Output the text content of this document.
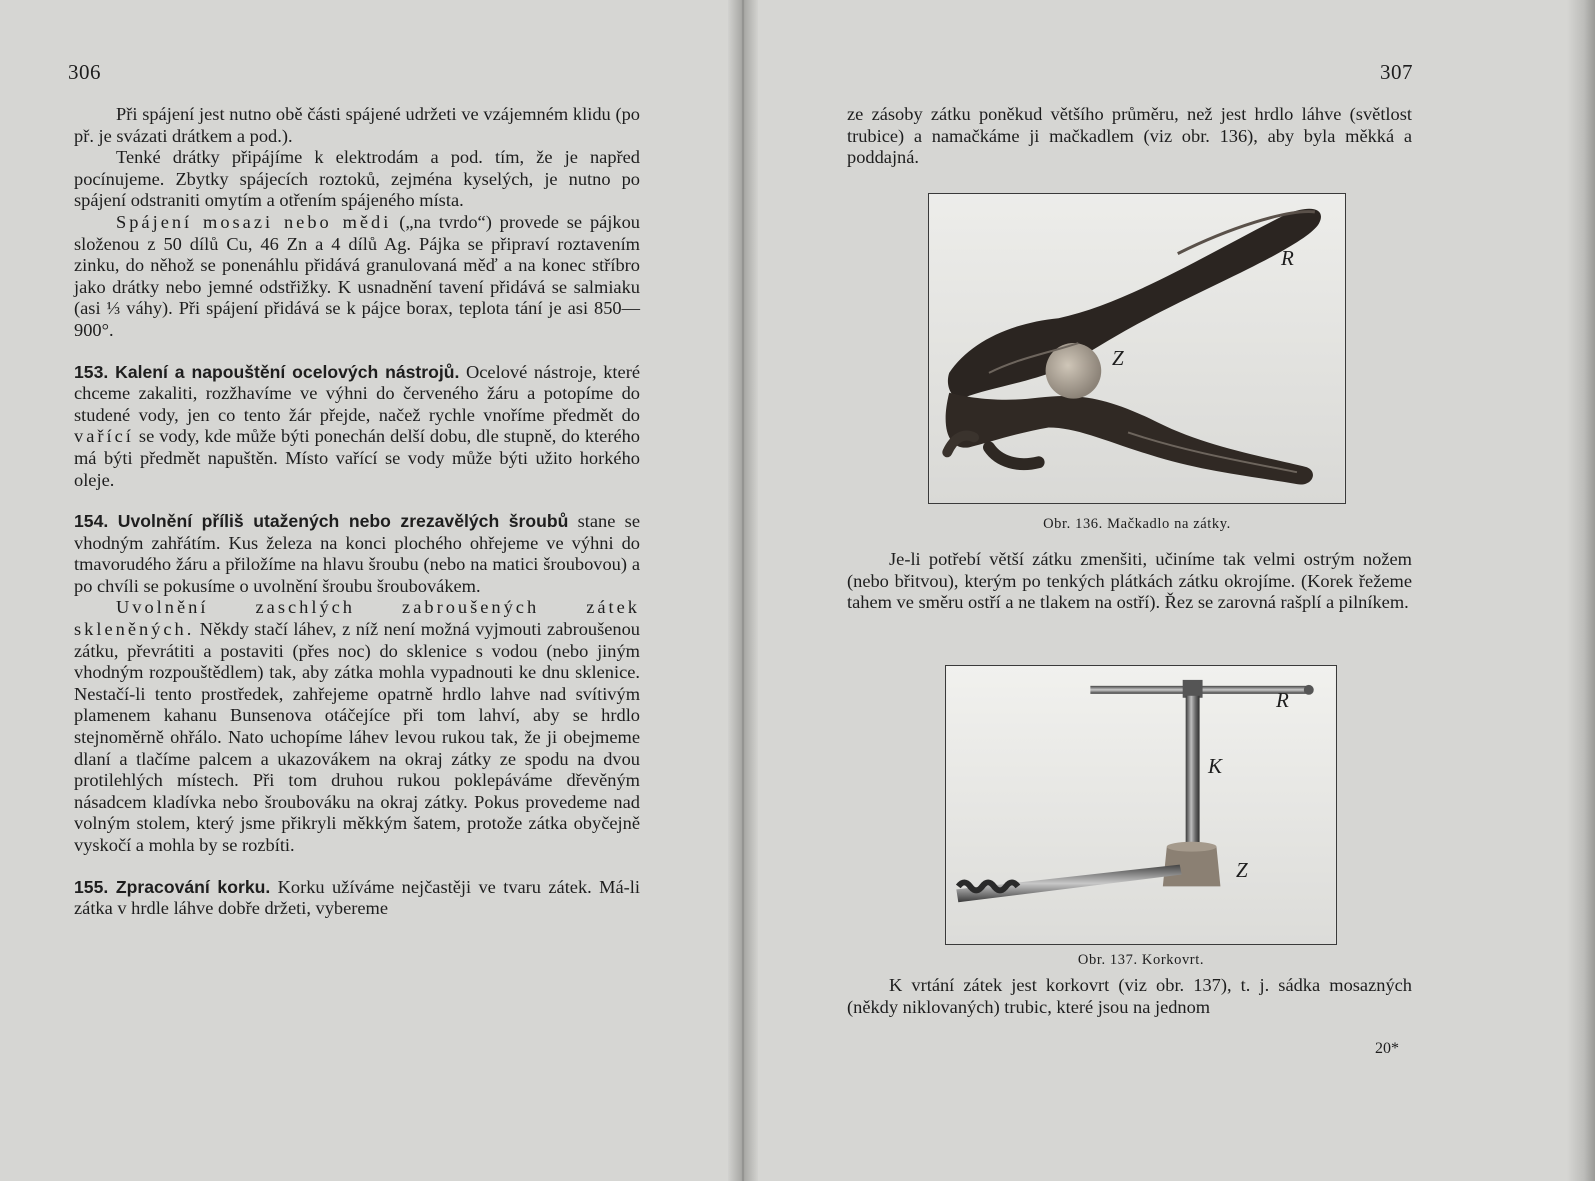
306

Při spájení jest nutno obě části spájené udržeti ve vzájemném klidu (po př. je svázati drátkem a pod.).

Tenké drátky připájíme k elektrodám a pod. tím, že je napřed pocínujeme. Zbytky spájecích roztoků, zejména kyselých, je nutno po spájení odstraniti omytím a otřením spájeného místa.

Spájení mosazi nebo mědi („na tvrdo“) provede se pájkou složenou z 50 dílů Cu, 46 Zn a 4 dílů Ag. Pájka se připraví roztavením zinku, do něhož se ponenáhlu přidává granulovaná měď a na konec stříbro jako drátky nebo jemné odstřižky. K usnadnění tavení přidává se salmiaku (asi ⅓ váhy). Při spájení přidává se k pájce borax, teplota tání je asi 850—900°.

153. Kalení a napouštění ocelových nástrojů. Ocelové nástroje, které chceme zakaliti, rozžhavíme ve výhni do červeného žáru a potopíme do studené vody, jen co tento žár přejde, načež rychle vnoříme předmět do vařící se vody, kde může býti ponechán delší dobu, dle stupně, do kterého má býti předmět napuštěn. Místo vařící se vody může býti užito horkého oleje.

154. Uvolnění příliš utažených nebo zrezavělých šroubů stane se vhodným zahřátím. Kus železa na konci plochého ohřejeme ve výhni do tmavorudého žáru a přiložíme na hlavu šroubu (nebo na matici šroubovou) a po chvíli se pokusíme o uvolnění šroubu šroubovákem.

Uvolnění zaschlých zabroušených zátek skleněných. Někdy stačí láhev, z níž není možná vyjmouti zabroušenou zátku, převrátiti a postaviti (přes noc) do sklenice s vodou (nebo jiným vhodným rozpouštědlem) tak, aby zátka mohla vypadnouti ke dnu sklenice. Nestačí-li tento prostředek, zahřejeme opatrně hrdlo lahve nad svítivým plamenem kahanu Bunsenova otáčejíce při tom lahví, aby se hrdlo stejnoměrně ohřálo. Nato uchopíme láhev levou rukou tak, že ji obejmeme dlaní a tlačíme palcem a ukazovákem na okraj zátky ze spodu na dvou protilehlých místech. Při tom druhou rukou poklepáváme dřevěným násadcem kladívka nebo šroubováku na okraj zátky. Pokus provedeme nad volným stolem, který jsme přikryli měkkým šatem, protože zátka obyčejně vyskočí a mohla by se rozbíti.

155. Zpracování korku. Korku užíváme nejčastěji ve tvaru zátek. Má-li zátka v hrdle láhve dobře držeti, vybereme

307

ze zásoby zátku poněkud většího průměru, než jest hrdlo láhve (světlost trubice) a namačkáme ji mačkadlem (viz obr. 136), aby byla měkká a poddajná.

R
Z
Obr. 136. Mačkadlo na zátky.

Je-li potřebí větší zátku zmenšiti, učiníme tak velmi ostrým nožem (nebo břitvou), kterým po tenkých plátkách zátku okrojíme. (Korek řežeme tahem ve směru ostří a ne tlakem na ostří). Řez se zarovná rašplí a pilníkem.

R
K
Z
Obr. 137. Korkovrt.

K vrtání zátek jest korkovrt (viz obr. 137), t. j. sádka mosazných (někdy niklovaných) trubic, které jsou na jednom

20*
